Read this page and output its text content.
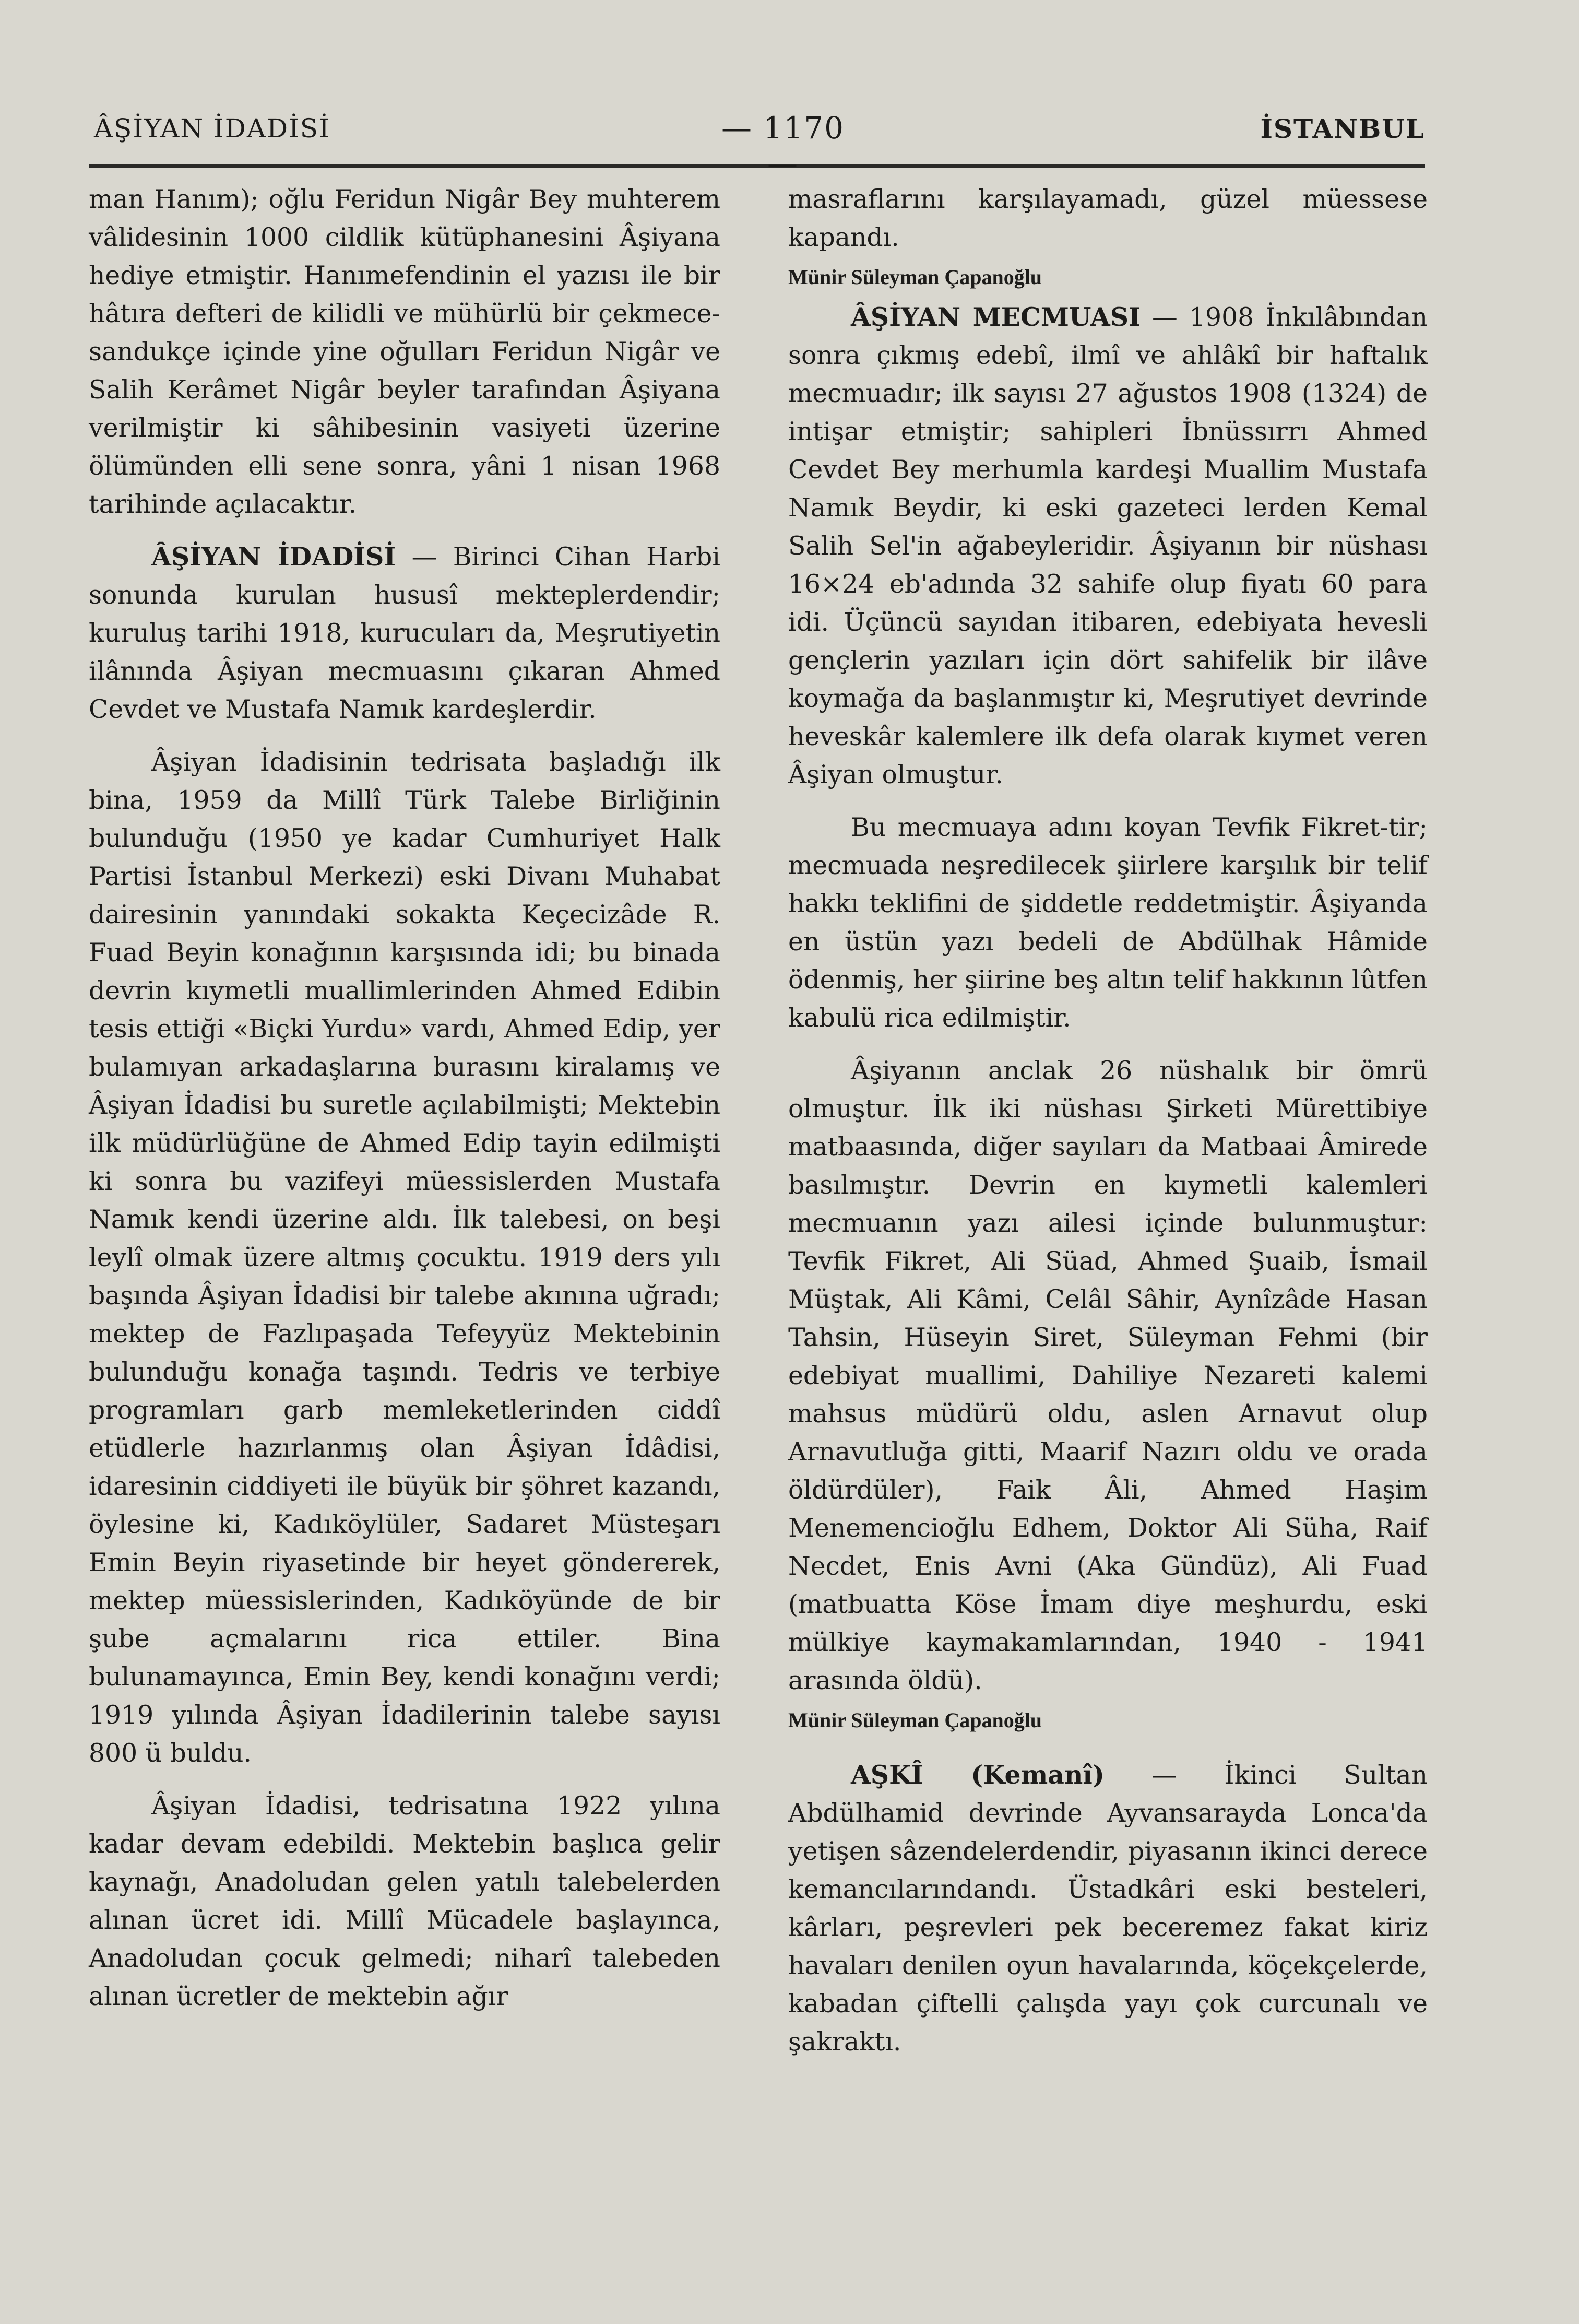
ÂŞİYAN İDADİSİ	— 1170 —
İSTANBUL

man Hanım); oğlu Feridun Nigâr Bey muhterem vâlidesinin 1000 cildlik kütüphanesini Âşiyana hediye etmiştir. Hanımefendinin el yazısı ile bir hâtıra defteri de kilidli ve mühürlü bir çekmece-sandukçe içinde yine oğulları Feridun Nigâr ve Salih Kerâmet Nigâr beyler tarafından Âşiyana verilmiştir ki sâhibesinin vasiyeti üzerine ölümünden elli sene sonra, yâni 1 nisan 1968 tarihinde açılacaktır.

ÂŞİYAN İDADİSİ — Birinci Cihan Harbi sonunda kurulan hususî mekteplerdendir; kuruluş tarihi 1918, kurucuları da, Meşrutiyetin ilânında Âşiyan mecmuasını çıkaran Ahmed Cevdet ve Mustafa Namık kardeşlerdir.

Âşiyan İdadisinin tedrisata başladığı ilk bina, 1959 da Millî Türk Talebe Birliğinin bulunduğu (1950 ye kadar Cumhuriyet Halk Partisi İstanbul Merkezi) eski Divanı Muhabat dairesinin yanındaki sokakta Keçecizâde R. Fuad Beyin konağının karşısında idi; bu binada devrin kıymetli muallimlerinden Ahmed Edibin tesis ettiği «Biçki Yurdu» vardı, Ahmed Edip, yer bulamıyan arkadaşlarına burasını kiralamış ve Âşiyan İdadisi bu suretle açılabilmişti; Mektebin ilk müdürlüğüne de Ahmed Edip tayin edilmişti ki sonra bu vazifeyi müessislerden Mustafa Namık kendi üzerine aldı. İlk talebesi, on beşi leylî olmak üzere altmış çocuktu. 1919 ders yılı başında Âşiyan İdadisi bir talebe akınına uğradı; mektep de Fazlıpaşada Tefeyyüz Mektebinin bulunduğu konağa taşındı. Tedris ve terbiye programları garb memleketlerinden ciddî etüdlerle hazırlanmış olan Âşiyan İdâdisi, idaresinin ciddiyeti ile büyük bir şöhret kazandı, öylesine ki, Kadıköylüler, Sadaret Müsteşarı Emin Beyin riyasetinde bir heyet göndererek, mektep müessislerinden, Kadıköyünde de bir şube açmalarını rica ettiler. Bina bulunamayınca, Emin Bey, kendi konağını verdi; 1919 yılında Âşiyan İdadilerinin talebe sayısı 800 ü buldu.

Âşiyan İdadisi, tedrisatına 1922 yılına kadar devam edebildi. Mektebin başlıca gelir kaynağı, Anadoludan gelen yatılı talebelerden alınan ücret idi. Millî Mücadele başlayınca, Anadoludan çocuk gelmedi; niharî talebeden alınan ücretler de mektebin ağır

masraflarını karşılayamadı, güzel müessese kapandı.

Münir Süleyman Çapanoğlu

ÂŞİYAN MECMUASI — 1908 İnkılâbından sonra çıkmış edebî, ilmî ve ahlâkî bir haftalık mecmuadır; ilk sayısı 27 ağustos 1908 (1324) de intişar etmiştir; sahipleri İbnüssırrı Ahmed Cevdet Bey merhumla kardeşi Muallim Mustafa Namık Beydir, ki eski gazeteci lerden Kemal Salih Sel'in ağabeyleridir. Âşiyanın bir nüshası 16×24 eb'adında 32 sahife olup fiyatı 60 para idi. Üçüncü sayıdan itibaren, edebiyata hevesli gençlerin yazıları için dört sahifelik bir ilâve koymağa da başlanmıştır ki, Meşrutiyet devrinde heveskâr kalemlere ilk defa olarak kıymet veren Âşiyan olmuştur.

Bu mecmuaya adını koyan Tevfik Fikret-tir; mecmuada neşredilecek şiirlere karşılık bir telif hakkı teklifini de şiddetle reddetmiştir. Âşiyanda en üstün yazı bedeli de Abdülhak Hâmide ödenmiş, her şiirine beş altın telif hakkının lûtfen kabulü rica edilmiştir.

Âşiyanın anclak 26 nüshalık bir ömrü olmuştur. İlk iki nüshası Şirketi Mürettibiye matbaasında, diğer sayıları da Matbaai Âmirede basılmıştır. Devrin en kıymetli kalemleri mecmuanın yazı ailesi içinde bulunmuştur: Tevfik Fikret, Ali Süad, Ahmed Şuaib, İsmail Müştak, Ali Kâmi, Celâl Sâhir, Aynîzâde Hasan Tahsin, Hüseyin Siret, Süleyman Fehmi (bir edebiyat muallimi, Dahiliye Nezareti kalemi mahsus müdürü oldu, aslen Arnavut olup Arnavutluğa gitti, Maarif Nazırı oldu ve orada öldürdüler), Faik Âli, Ahmed Haşim Menemencioğlu Edhem, Doktor Ali Süha, Raif Necdet, Enis Avni (Aka Gündüz), Ali Fuad (matbuatta Köse İmam diye meşhurdu, eski mülkiye kaymakamlarından, 1940 - 1941 arasında öldü).

Münir Süleyman Çapanoğlu

AŞKÎ (Kemanî) — İkinci Sultan Abdülhamid devrinde Ayvansarayda Lonca'da yetişen sâzendelerdendir, piyasanın ikinci derece kemancılarındandı. Üstadkâri eski besteleri, kârları, peşrevleri pek beceremez fakat kiriz havaları denilen oyun havalarında, köçekçelerde, kabadan çiftelli çalışda yayı çok curcunalı ve şakraktı.
